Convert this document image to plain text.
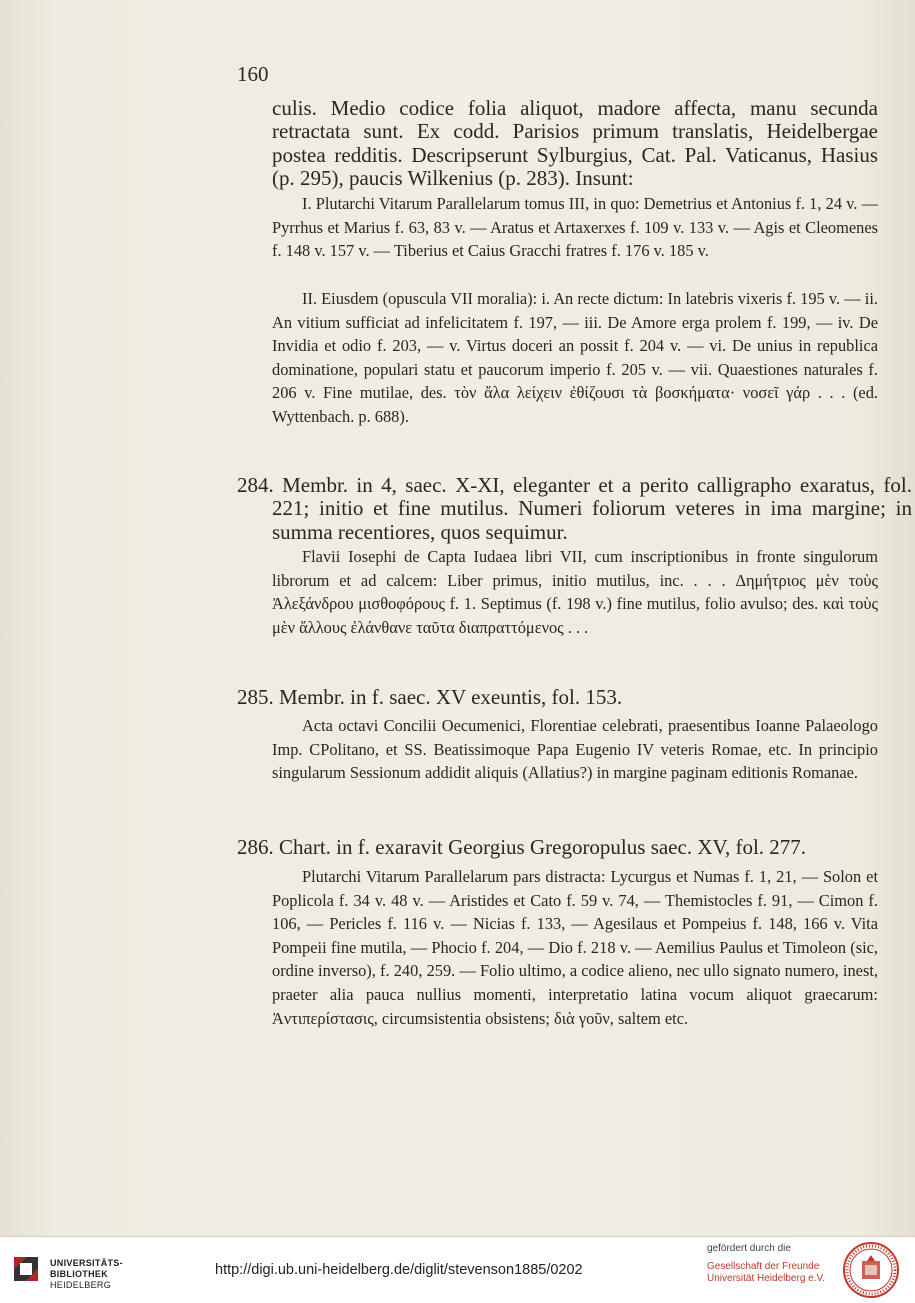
160

culis. Medio codice folia aliquot, madore affecta, manu secunda retractata sunt. Ex codd. Parisios primum translatis, Heidelbergae postea redditis. Descripserunt Sylburgius, Cat. Pal. Vaticanus, Hasius (p. 295), paucis Wilkenius (p. 283). Insunt:

I. Plutarchi Vitarum Parallelarum tomus III, in quo: Demetrius et Antonius f. 1, 24 v. — Pyrrhus et Marius f. 63, 83 v. — Aratus et Artaxerxes f. 109 v. 133 v. — Agis et Cleomenes f. 148 v. 157 v. — Tiberius et Caius Gracchi fratres f. 176 v. 185 v.

II. Eiusdem (opuscula VII moralia): i. An recte dictum: In latebris vixeris f. 195 v. — ii. An vitium sufficiat ad infelicitatem f. 197, — iii. De Amore erga prolem f. 199, — iv. De Invidia et odio f. 203, — v. Virtus doceri an possit f. 204 v. — vi. De unius in republica dominatione, populari statu et paucorum imperio f. 205 v. — vii. Quaestiones naturales f. 206 v. Fine mutilae, des. τὸν ἄλα λείχειν ἐθίζουσι τὰ βοσκήματα· νοσεῖ γάρ . . . (ed. Wyttenbach. p. 688).

284. Membr. in 4, saec. X-XI, eleganter et a perito calligrapho exaratus, fol. 221; initio et fine mutilus. Numeri foliorum veteres in ima margine; in summa recentiores, quos sequimur.

Flavii Iosephi de Capta Iudaea libri VII, cum inscriptionibus in fronte singulorum librorum et ad calcem: Liber primus, initio mutilus, inc. . . . Δημήτριος μὲν τοὺς Ἀλεξάνδρου μισθοφόρους f. 1. Septimus (f. 198 v.) fine mutilus, folio avulso; des. καὶ τοὺς μὲν ἄλλους ἐλάνθανε ταῦτα διαπραττόμενος . . .

285. Membr. in f. saec. XV exeuntis, fol. 153.

Acta octavi Concilii Oecumenici, Florentiae celebrati, praesentibus Ioanne Palaeologo Imp. CPolitano, et SS. Beatissimoque Papa Eugenio IV veteris Romae, etc. In principio singularum Sessionum addidit aliquis (Allatius?) in margine paginam editionis Romanae.

286. Chart. in f. exaravit Georgius Gregoropulus saec. XV, fol. 277.

Plutarchi Vitarum Parallelarum pars distracta: Lycurgus et Numas f. 1, 21, — Solon et Poplicola f. 34 v. 48 v. — Aristides et Cato f. 59 v. 74, — Themistocles f. 91, — Cimon f. 106, — Pericles f. 116 v. — Nicias f. 133, — Agesilaus et Pompeius f. 148, 166 v. Vita Pompeii fine mutila, — Phocio f. 204, — Dio f. 218 v. — Aemilius Paulus et Timoleon (sic, ordine inverso), f. 240, 259. — Folio ultimo, a codice alieno, nec ullo signato numero, inest, praeter alia pauca nullius momenti, interpretatio latina vocum aliquot graecarum: Ἀντιπερίστασις, circumsistentia obsistens; διὰ γοῦν, saltem etc.

UNIVERSITÄTS-
BIBLIOTHEK
HEIDELBERG
http://digi.ub.uni-heidelberg.de/diglit/stevenson1885/0202
gefördert durch die
Gesellschaft der Freunde
Universität Heidelberg e.V.
